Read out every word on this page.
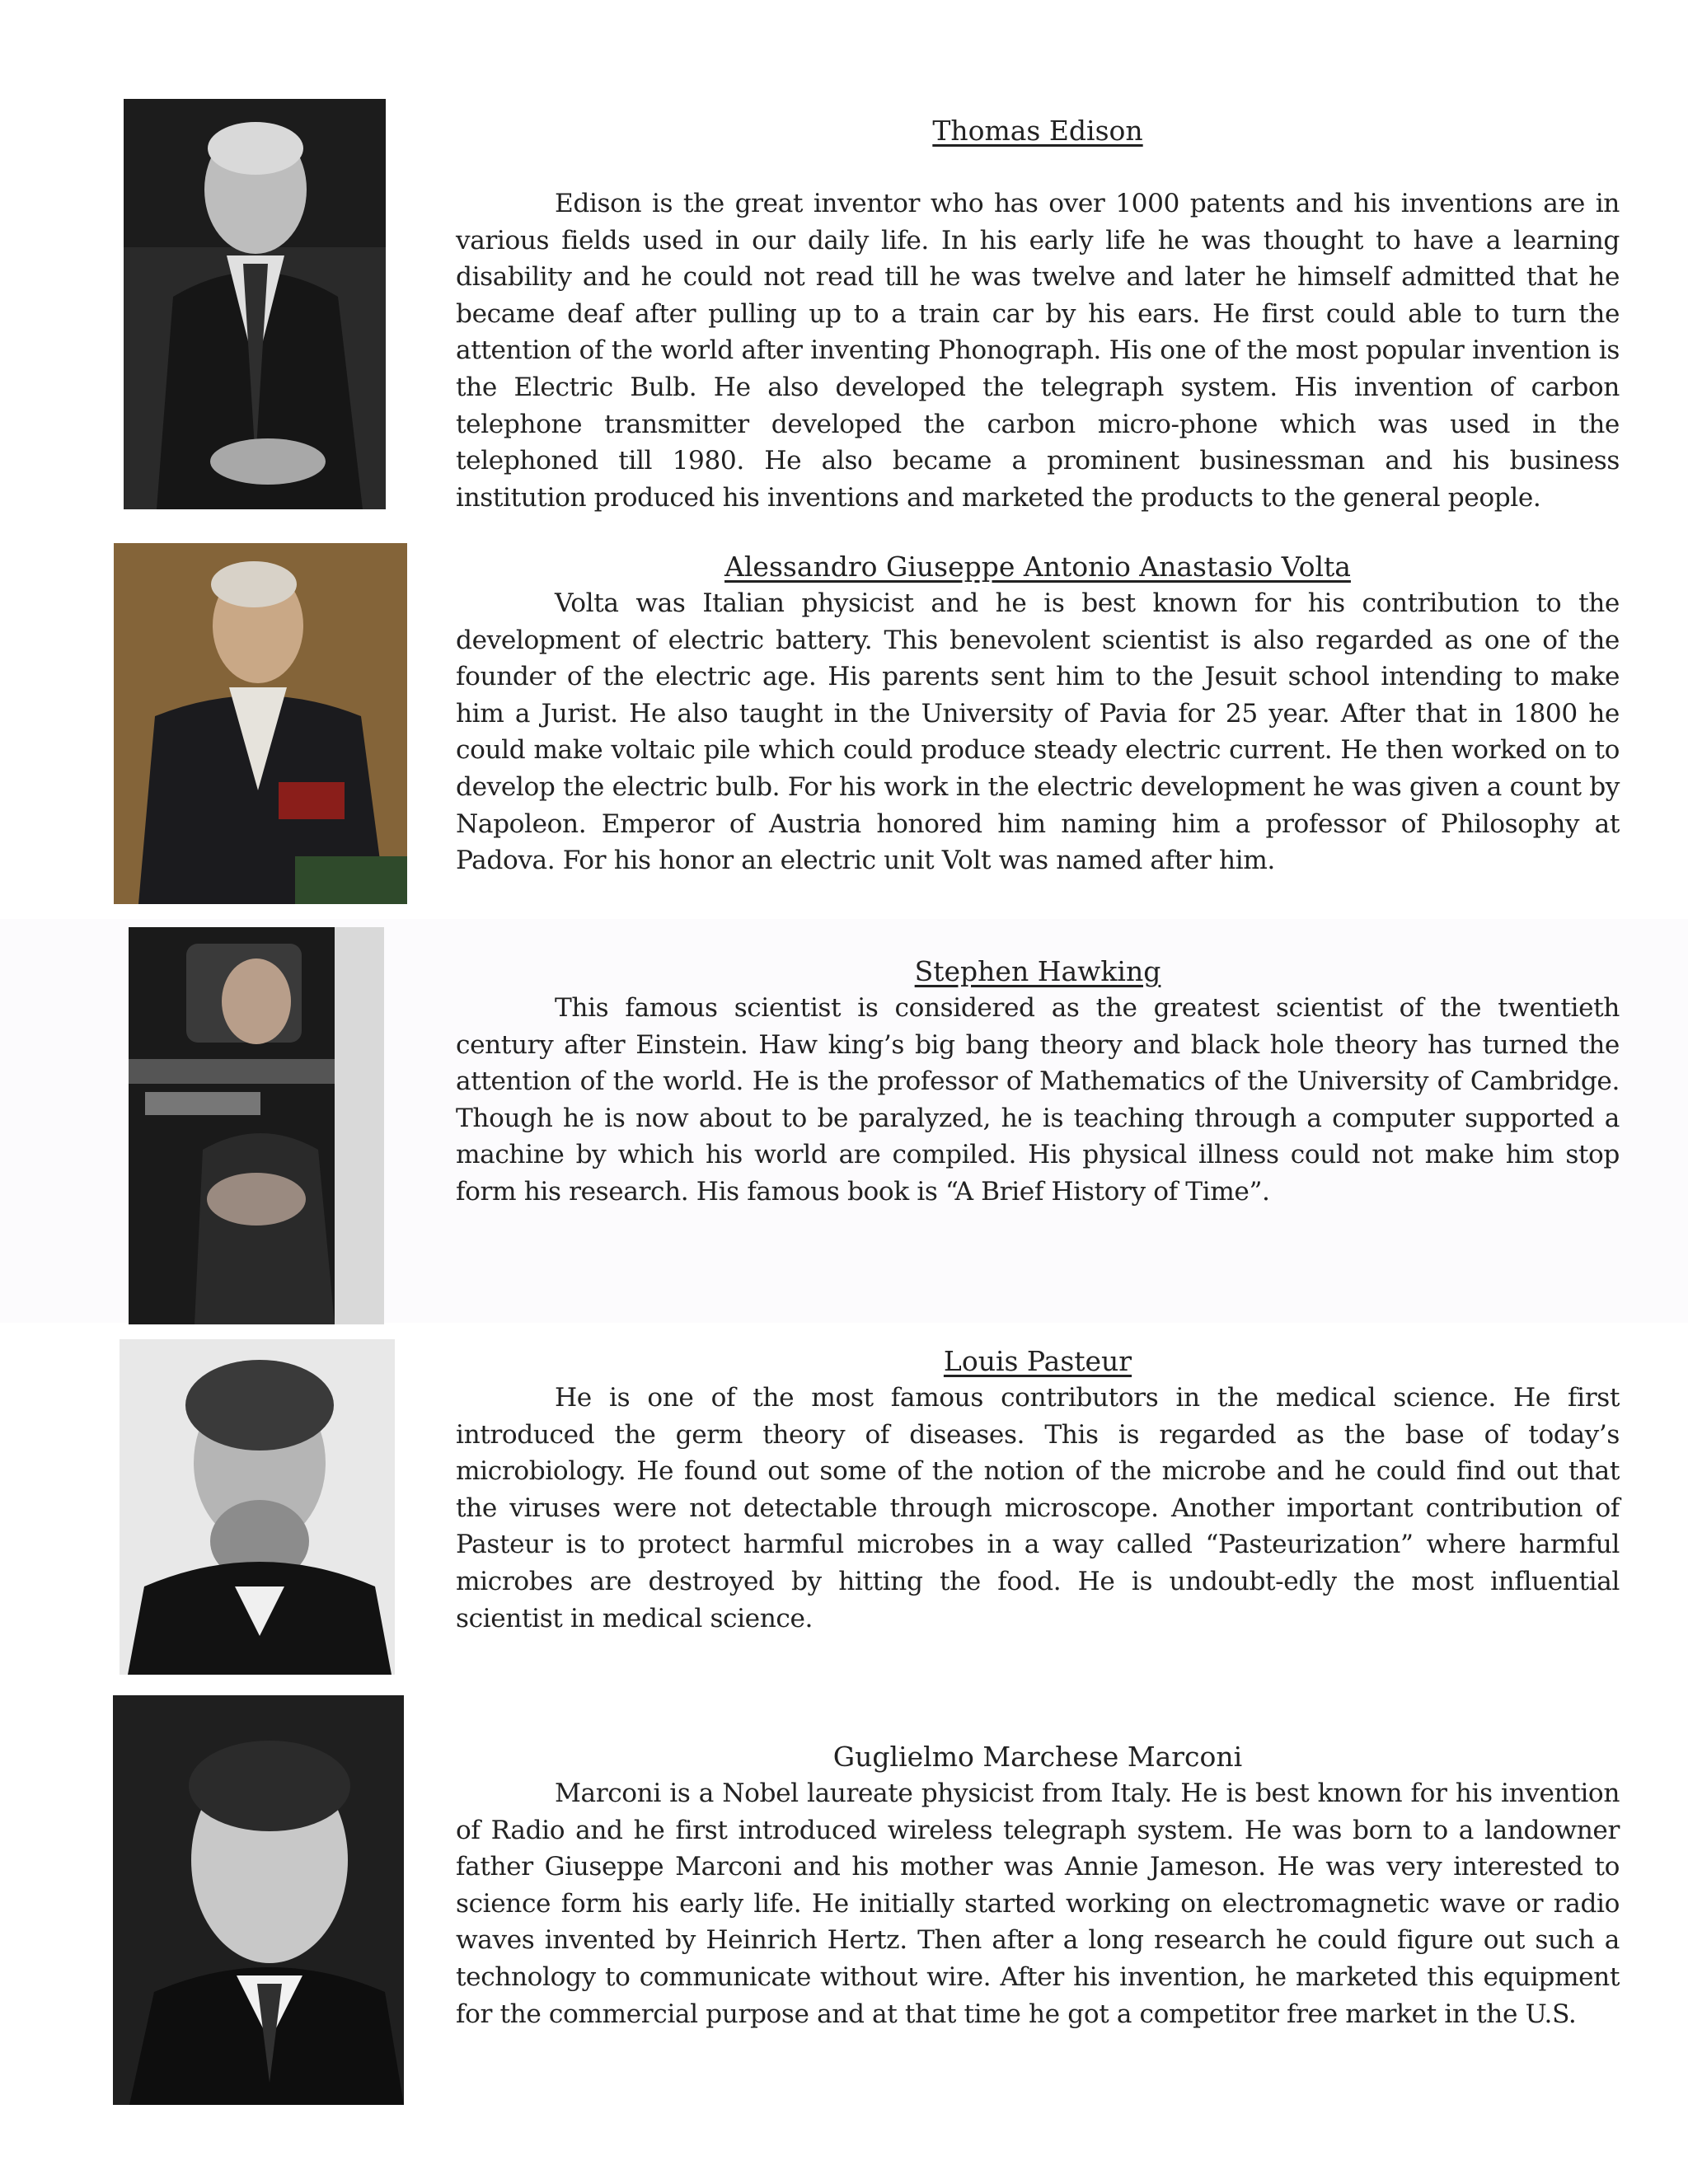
Thomas Edison

Edison is the great inventor who has over 1000 patents and his inventions are in various fields used in our daily life. In his early life he was thought to have a learning disability and he could not read till he was twelve and later he himself admitted that he became deaf after pulling up to a train car by his ears. He first could able to turn the attention of the world after inventing Phonograph. His one of the most popular invention is the Electric Bulb. He also developed the telegraph system. His invention of carbon telephone transmitter developed the carbon micro-phone which was used in the telephoned till 1980. He also became a prominent businessman and his business institution produced his inventions and marketed the products to the general people.

Alessandro Giuseppe Antonio Anastasio Volta

Volta was Italian physicist and he is best known for his contribution to the development of electric battery. This benevolent scientist is also regarded as one of the founder of the electric age. His parents sent him to the Jesuit school intending to make him a Jurist. He also taught in the University of Pavia for 25 year. After that in 1800 he could make voltaic pile which could produce steady electric current. He then worked on to develop the electric bulb. For his work in the electric development he was given a count by Napoleon. Emperor of Austria honored him naming him a professor of Philosophy at Padova. For his honor an electric unit Volt was named after him.

Stephen Hawking

This famous scientist is considered as the greatest scientist of the twentieth century after Einstein. Haw king’s big bang theory and black hole theory has turned the attention of the world. He is the professor of Mathematics of the University of Cambridge. Though he is now about to be paralyzed, he is teaching through a computer supported a machine by which his world are compiled. His physical illness could not make him stop form his research. His famous book is “A Brief History of Time”.

Louis Pasteur

He is one of the most famous contributors in the medical science. He first introduced the germ theory of diseases. This is regarded as the base of today’s microbiology. He found out some of the notion of the microbe and he could find out that the viruses were not detectable through microscope. Another important contribution of Pasteur is to protect harmful microbes in a way called “Pasteurization” where harmful microbes are destroyed by hitting the food. He is undoubt-edly the most influential scientist in medical science.

Guglielmo Marchese Marconi

Marconi is a Nobel laureate physicist from Italy. He is best known for his invention of Radio and he first introduced wireless telegraph system. He was born to a landowner father Giuseppe Marconi and his mother was Annie Jameson. He was very interested to science form his early life. He initially started working on electromagnetic wave or radio waves invented by Heinrich Hertz. Then after a long research he could figure out such a technology to communicate without wire. After his invention, he marketed this equipment for the commercial purpose and at that time he got a competitor free market in the U.S.
